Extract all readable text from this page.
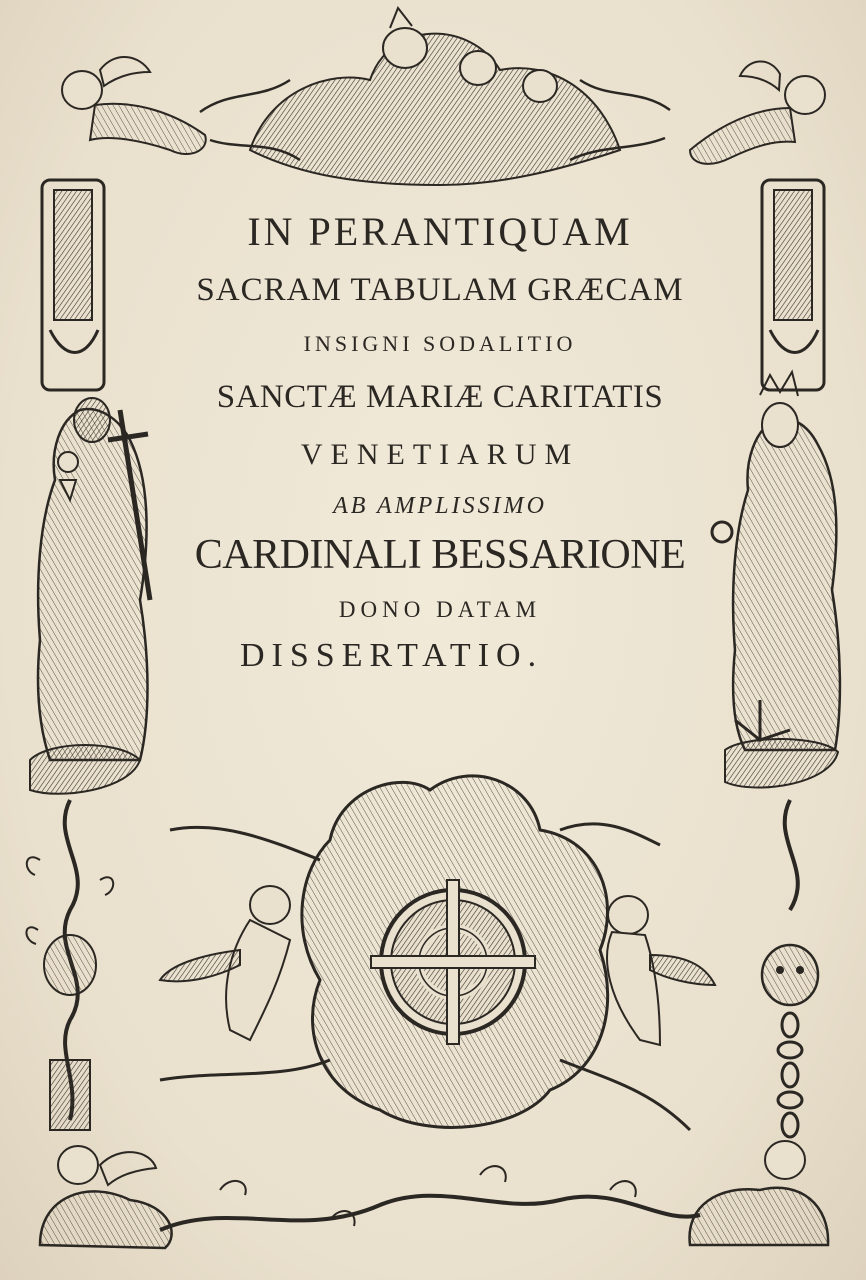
IN PERANTIQUAM
SACRAM TABULAM GRÆCAM
INSIGNI SODALITIO
SANCTÆ MARIÆ CARITATIS
VENETIARUM
AB AMPLISSIMO
CARDINALI BESSARIONE
DONO DATAM
DISSERTATIO.
